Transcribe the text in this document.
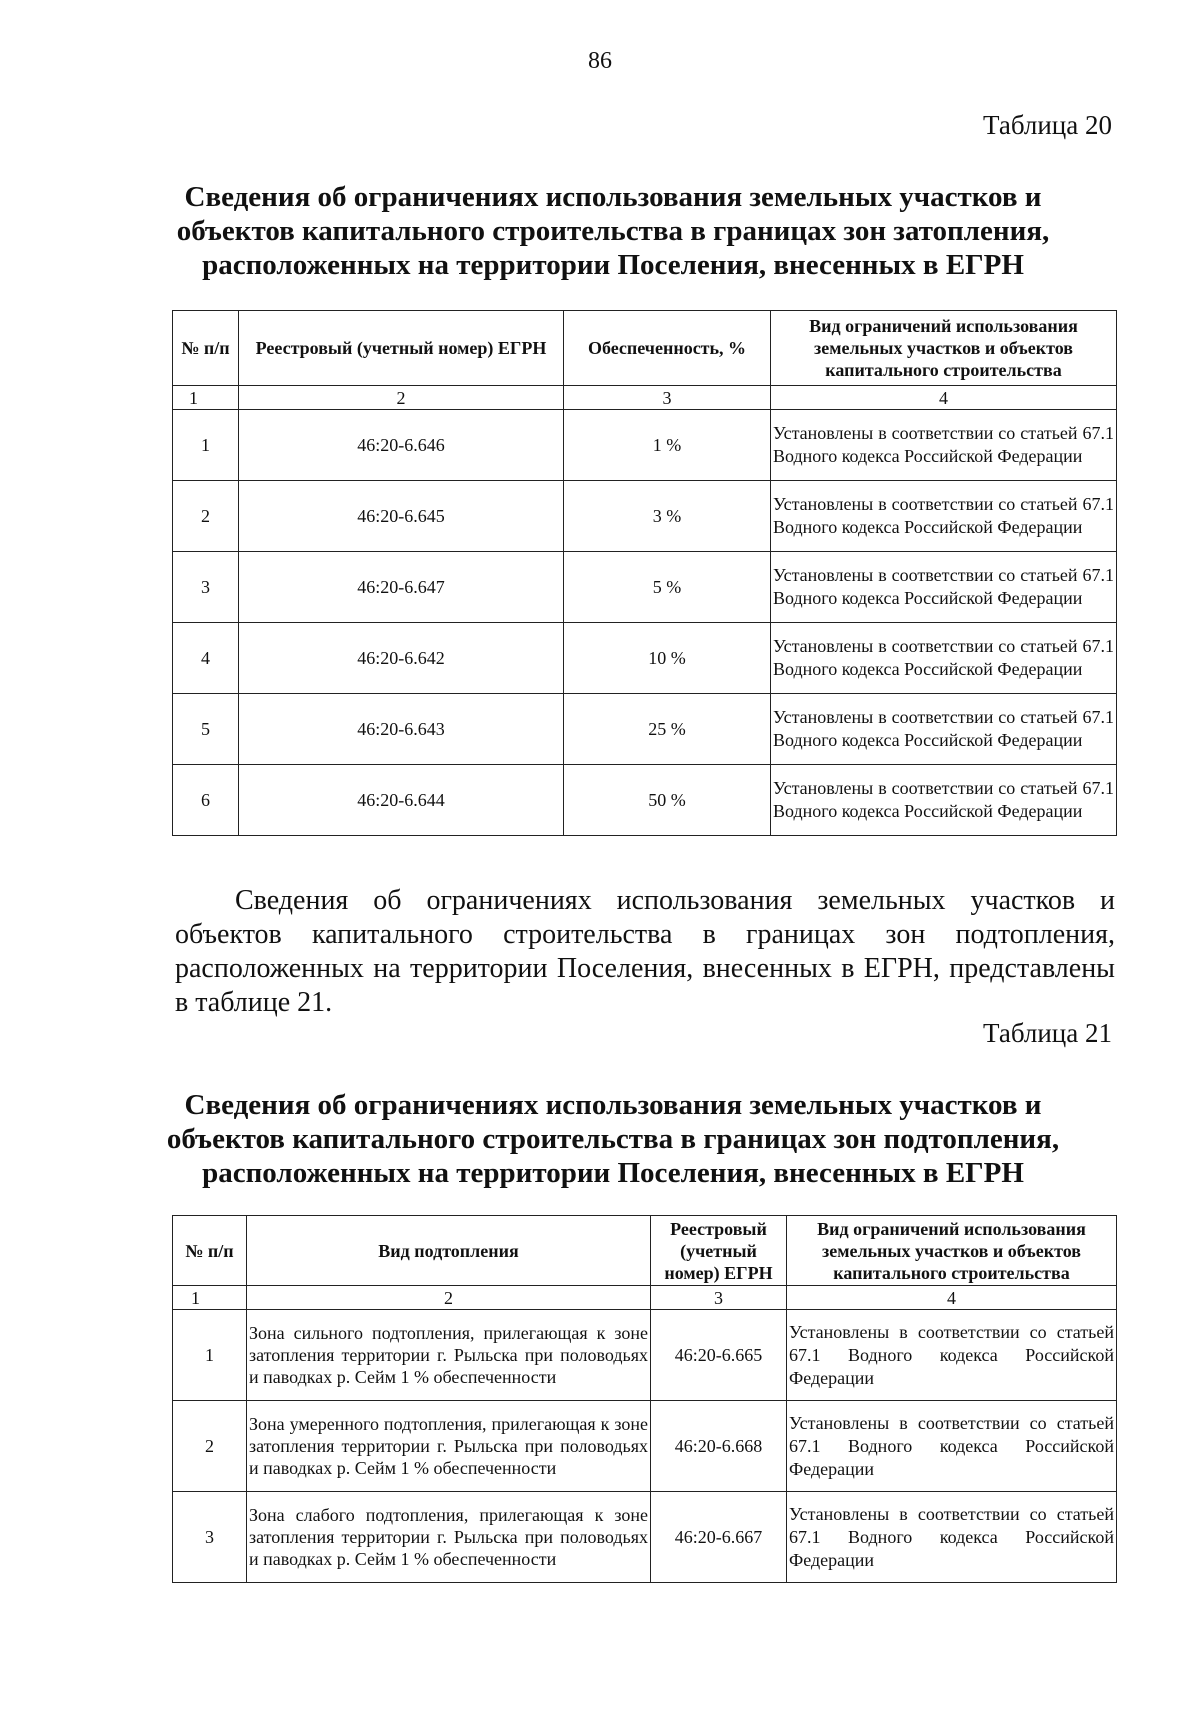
86
Таблица 20
Сведения об ограничениях использования земельных участков и объектов капитального строительства в границах зон затопления, расположенных на территории Поселения, внесенных в ЕГРН
№ п/п	Реестровый (учетный номер) ЕГРН	Обеспеченность, %	Вид ограничений использования земельных участков и объектов капитального строительства
1	2	3	4
1	46:20-6.646	1 %	Установлены в соответствии со статьей 67.1 Водного кодекса Российской Федерации
2	46:20-6.645	3 %	Установлены в соответствии со статьей 67.1 Водного кодекса Российской Федерации
3	46:20-6.647	5 %	Установлены в соответствии со статьей 67.1 Водного кодекса Российской Федерации
4	46:20-6.642	10 %	Установлены в соответствии со статьей 67.1 Водного кодекса Российской Федерации
5	46:20-6.643	25 %	Установлены в соответствии со статьей 67.1 Водного кодекса Российской Федерации
6	46:20-6.644	50 %	Установлены в соответствии со статьей 67.1 Водного кодекса Российской Федерации
Сведения об ограничениях использования земельных участков и объектов капитального строительства в границах зон подтопления, расположенных на территории Поселения, внесенных в ЕГРН, представлены в таблице 21.
Таблица 21
Сведения об ограничениях использования земельных участков и объектов капитального строительства в границах зон подтопления, расположенных на территории Поселения, внесенных в ЕГРН
№ п/п	Вид подтопления	Реестровый (учетный номер) ЕГРН	Вид ограничений использования земельных участков и объектов капитального строительства
1	2	3	4
1	Зона сильного подтопления, прилегающая к зоне затопления территории г. Рыльска при половодьях и паводках р. Сейм 1 % обеспеченности	46:20-6.665	Установлены в соответствии со статьей 67.1 Водного кодекса Российской Федерации
2	Зона умеренного подтопления, прилегающая к зоне затопления территории г. Рыльска при половодьях и паводках р. Сейм 1 % обеспеченности	46:20-6.668	Установлены в соответствии со статьей 67.1 Водного кодекса Российской Федерации
3	Зона слабого подтопления, прилегающая к зоне затопления территории г. Рыльска при половодьях и паводках р. Сейм 1 % обеспеченности	46:20-6.667	Установлены в соответствии со статьей 67.1 Водного кодекса Российской Федерации
